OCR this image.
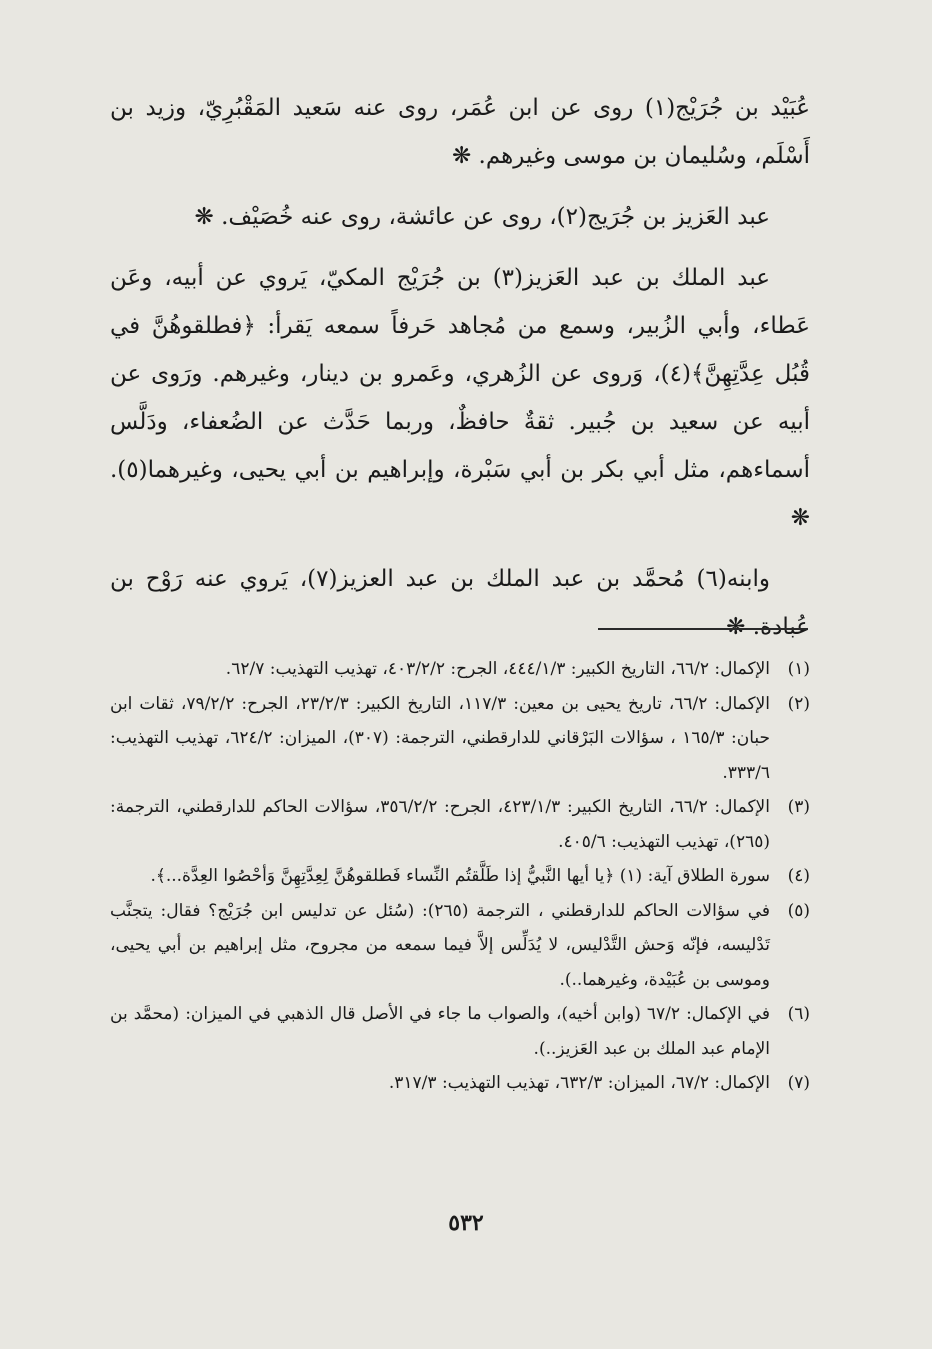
عُبَيْد بن جُرَيْج(١) روى عن ابن عُمَر، روى عنه سَعيد المَقْبُرِيّ، وزيد بن أَسْلَم، وسُليمان بن موسى وغيرهم. ❋

عبد العَزيز بن جُرَيج(٢)، روى عن عائشة، روى عنه خُصَيْف. ❋

عبد الملك بن عبد العَزيز(٣) بن جُرَيْج المكيّ، يَروي عن أبيه، وعَن عَطاء، وأبي الزُبير، وسمع من مُجاهد حَرفاً سمعه يَقرأ: ﴿فطلقوهُنَّ في قُبُل عِدَّتِهِنَّ﴾(٤)، وَروى عن الزُهري، وعَمرو بن دينار، وغيرهم. ورَوى عن أبيه عن سعيد بن جُبير. ثقةٌ حافظٌ، وربما حَدَّث عن الضُعفاء، ودَلَّس أسماءهم، مثل أبي بكر بن أبي سَبْرة، وإبراهيم بن أبي يحيى، وغيرهما(٥). ❋

وابنه(٦) مُحمَّد بن عبد الملك بن عبد العزيز(٧)، يَروي عنه رَوْح بن عُبادة. ❋

(١)
الإكمال: ٦٦/٢، التاريخ الكبير: ٤٤٤/١/٣، الجرح: ٤٠٣/٢/٢، تهذيب التهذيب: ٦٢/٧.
(٢)
الإكمال: ٦٦/٢، تاريخ يحيى بن معين: ١١٧/٣، التاريخ الكبير: ٢٣/٢/٣، الجرح: ٧٩/٢/٢، ثقات ابن حبان: ١٦٥/٣ ، سؤالات البَرْقاني للدارقطني، الترجمة: (٣٠٧)، الميزان: ٦٢٤/٢، تهذيب التهذيب: ٣٣٣/٦.
(٣)
الإكمال: ٦٦/٢، التاريخ الكبير: ٤٢٣/١/٣، الجرح: ٣٥٦/٢/٢، سؤالات الحاكم للدارقطني، الترجمة: (٢٦٥)، تهذيب التهذيب: ٤٠٥/٦.
(٤)
سورة الطلاق آية: (١) ﴿يا أيها النَّبيُّ إذا طَلَّقتُم النِّساء فَطلقوهُنَّ لِعِدَّتِهِنَّ وَأحْصُوا العِدَّة...﴾.
(٥)
في سؤالات الحاكم للدارقطني ، الترجمة (٢٦٥): (سُئل عن تدليس ابن جُرَيْج؟ فقال: يتجنَّب تَدْليسه، فإنّه وَحش التَّدْليس، لا يُدَلِّس إلاَّ فيما سمعه من مجروح، مثل إبراهيم بن أبي يحيى، وموسى بن عُبَيْدة، وغيرهما..).
(٦)
في الإكمال: ٦٧/٢ (وابن أخيه)، والصواب ما جاء في الأصل قال الذهبي في الميزان: (محمَّد بن الإمام عبد الملك بن عبد العَزيز..).
(٧)
الإكمال: ٦٧/٢، الميزان: ٦٣٢/٣، تهذيب التهذيب: ٣١٧/٣.
٥٣٢
